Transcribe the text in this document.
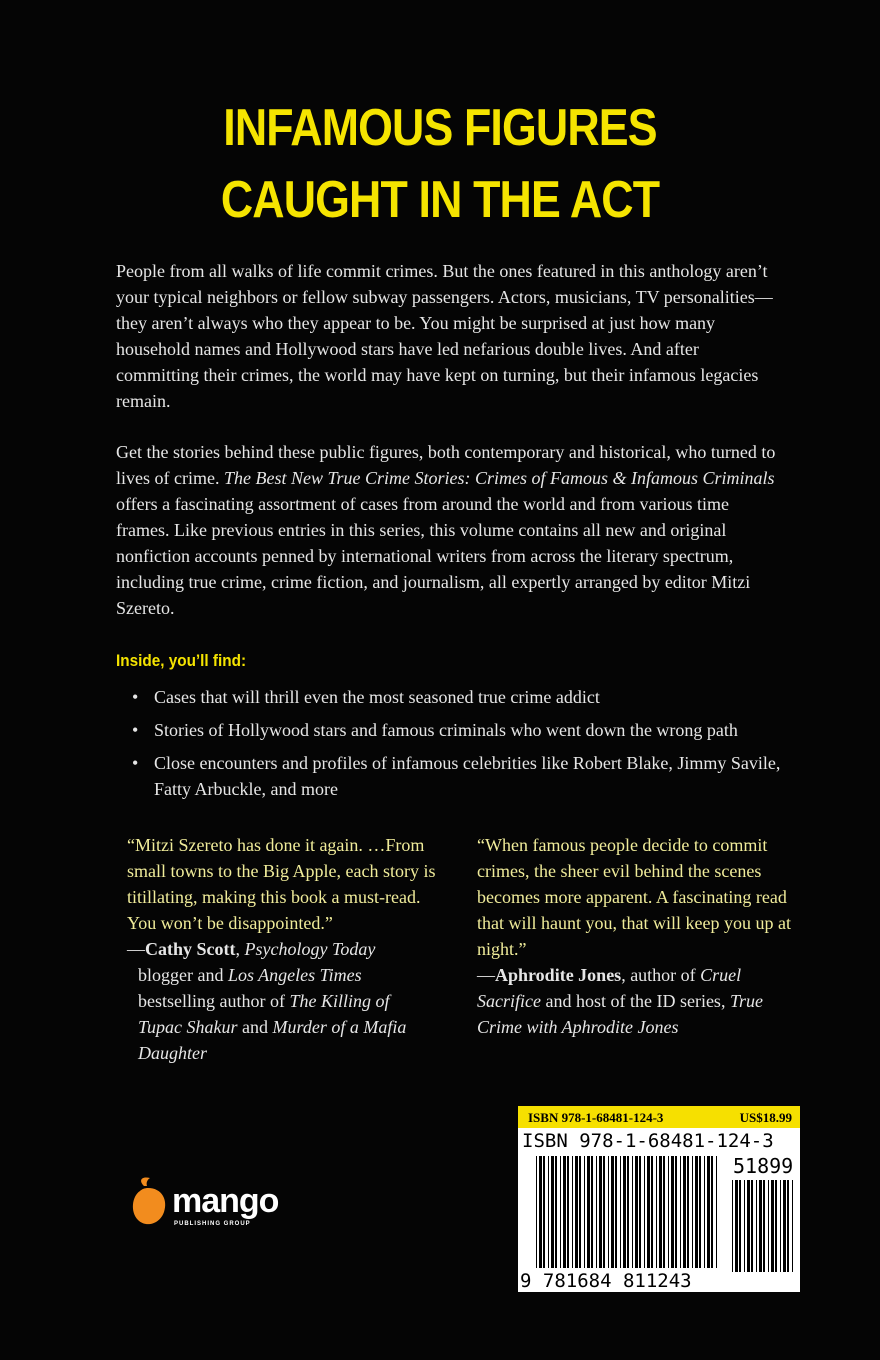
INFAMOUS FIGURES
CAUGHT IN THE ACT

People from all walks of life commit crimes. But the ones featured in this anthology aren’t your typical neighbors or fellow subway passengers. Actors, musicians, TV personalities—they aren’t always who they appear to be. You might be surprised at just how many household names and Hollywood stars have led nefarious double lives. And after committing their crimes, the world may have kept on turning, but their infamous legacies remain.

Get the stories behind these public figures, both contemporary and historical, who turned to lives of crime. The Best New True Crime Stories: Crimes of Famous & Infamous Criminals offers a fascinating assortment of cases from around the world and from various time frames. Like previous entries in this series, this volume contains all new and original nonfiction accounts penned by international writers from across the literary spectrum, including true crime, crime fiction, and journalism, all expertly arranged by editor Mitzi Szereto.

Inside, you’ll find:
• Cases that will thrill even the most seasoned true crime addict
• Stories of Hollywood stars and famous criminals who went down the wrong path
• Close encounters and profiles of infamous celebrities like Robert Blake, Jimmy Savile, Fatty Arbuckle, and more
“Mitzi Szereto has done it again. …From small towns to the Big Apple, each story is titillating, making this book a must-read. You won’t be disappointed.”
—Cathy Scott, Psychology Today
blogger and Los Angeles Times bestselling author of The Killing of Tupac Shakur and Murder of a Mafia Daughter
“When famous people decide to commit crimes, the sheer evil behind the scenes becomes more apparent. A fascinating read that will haunt you, that will keep you up at night.”
—Aphrodite Jones, author of Cruel Sacrifice and host of the ID series, True Crime with Aphrodite Jones
mango
PUBLISHING GROUP
ISBN 978-1-68481-124-3	US$18.99
ISBN 978-1-68481-124-3
51899
9 781684 811243
